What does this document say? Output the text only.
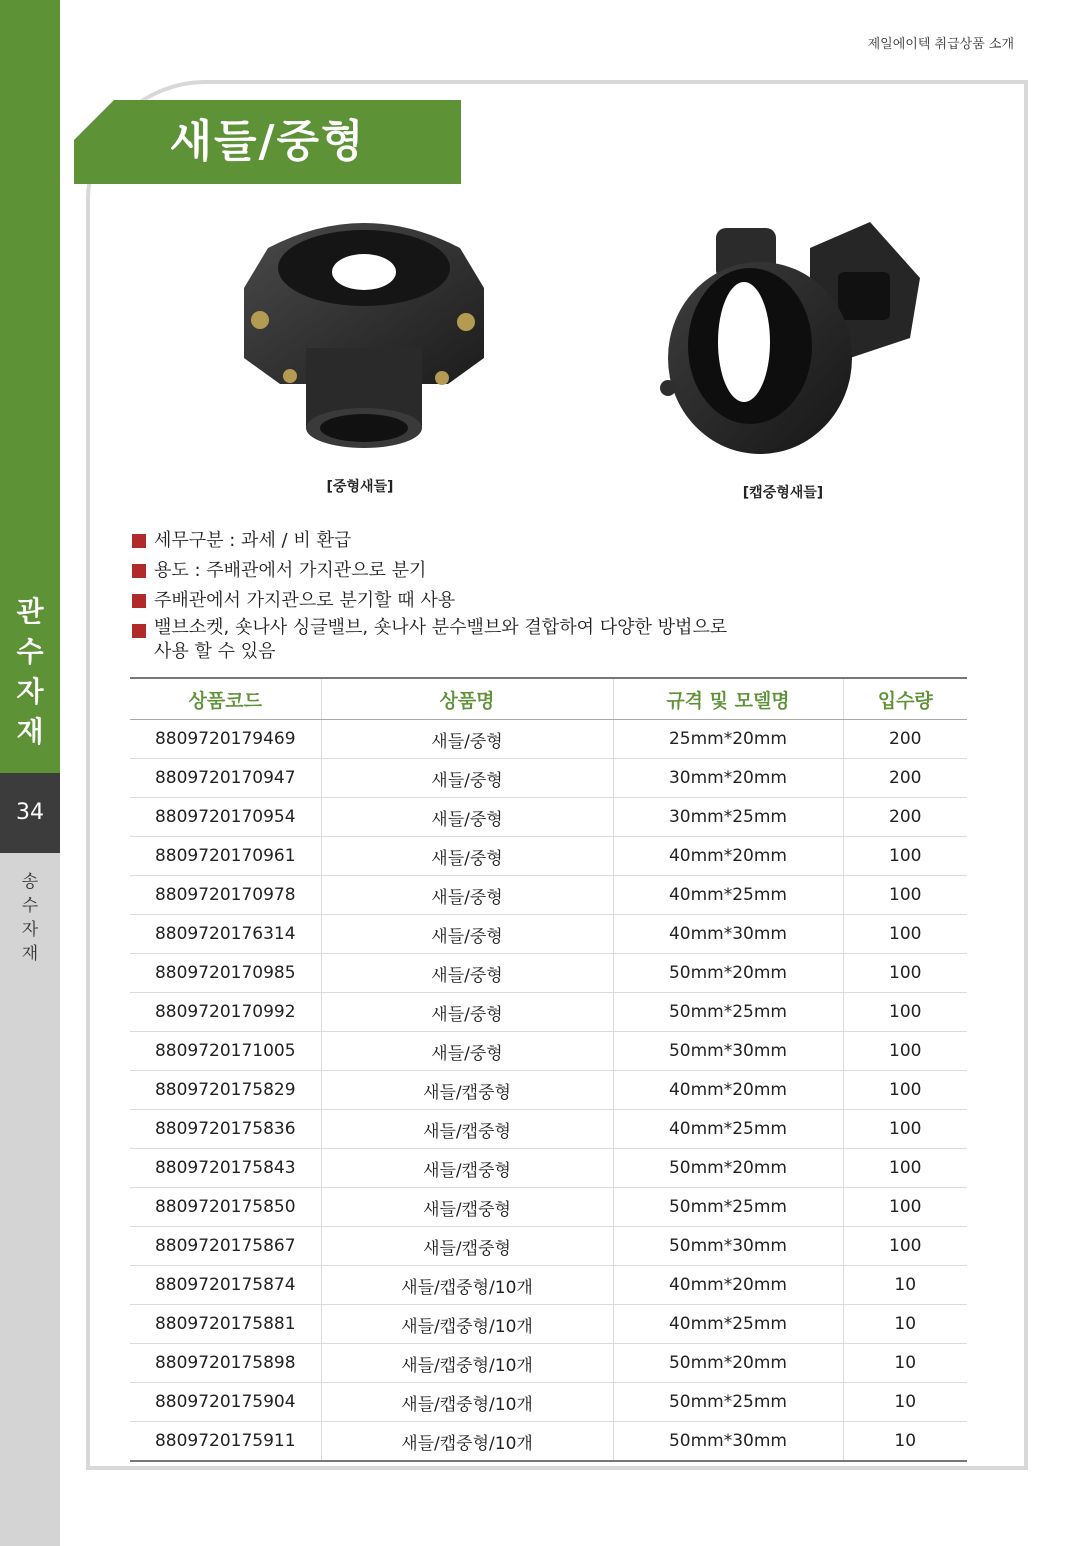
관
수
자
재
34
송
수
자
재
제일에이텍 취급상품 소개
새들/중형
[중형새들]	[캡중형새들]
세무구분 : 과세 / 비 환급
용도 : 주배관에서 가지관으로 분기
주배관에서 가지관으로 분기할 때 사용
밸브소켓, 숏나사 싱글밸브, 숏나사 분수밸브와 결합하여 다양한 방법으로
사용 할 수 있음
상품코드	상품명	규격 및 모델명	입수량
8809720179469	새들/중형	25mm*20mm	200
8809720170947	새들/중형	30mm*20mm	200
8809720170954	새들/중형	30mm*25mm	200
8809720170961	새들/중형	40mm*20mm	100
8809720170978	새들/중형	40mm*25mm	100
8809720176314	새들/중형	40mm*30mm	100
8809720170985	새들/중형	50mm*20mm	100
8809720170992	새들/중형	50mm*25mm	100
8809720171005	새들/중형	50mm*30mm	100
8809720175829	새들/캡중형	40mm*20mm	100
8809720175836	새들/캡중형	40mm*25mm	100
8809720175843	새들/캡중형	50mm*20mm	100
8809720175850	새들/캡중형	50mm*25mm	100
8809720175867	새들/캡중형	50mm*30mm	100
8809720175874	새들/캡중형/10개	40mm*20mm	10
8809720175881	새들/캡중형/10개	40mm*25mm	10
8809720175898	새들/캡중형/10개	50mm*20mm	10
8809720175904	새들/캡중형/10개	50mm*25mm	10
8809720175911	새들/캡중형/10개	50mm*30mm	10
